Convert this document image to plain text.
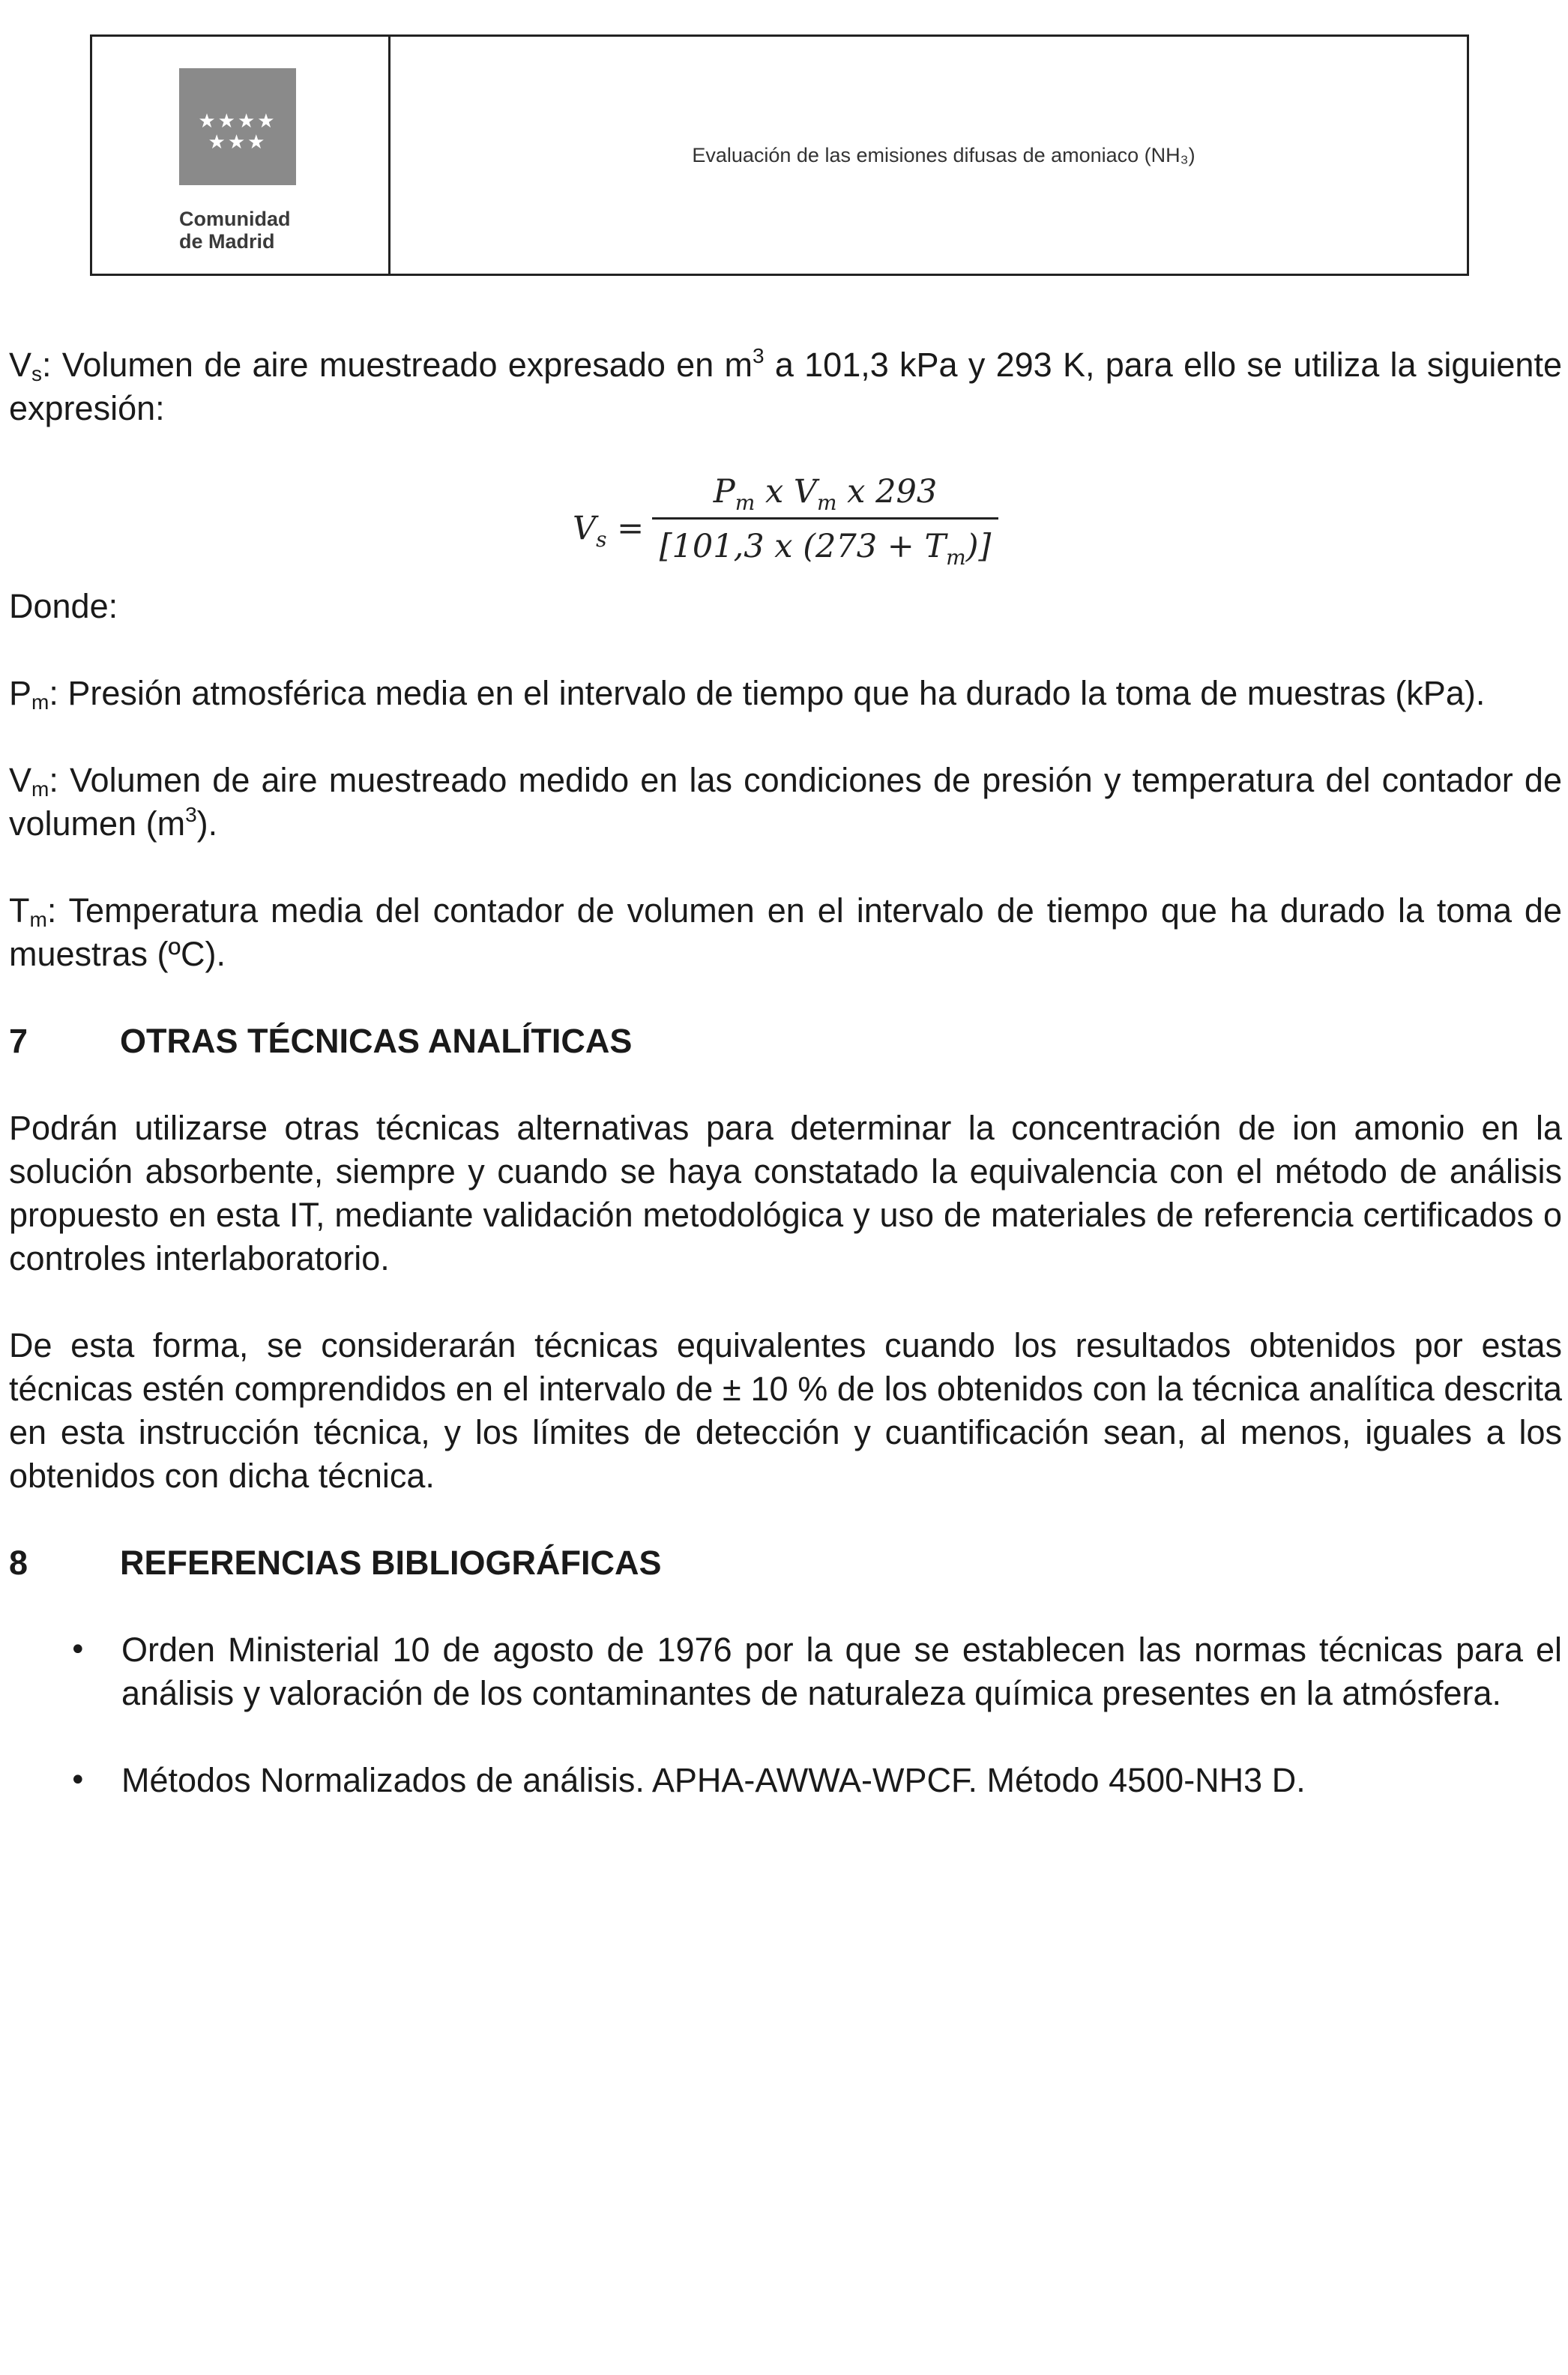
★★★★
★★★
Comunidad
de Madrid
Evaluación de las emisiones difusas de amoniaco (NH₃)

$V_s$: Volumen de aire muestreado expresado en $m^3$ a 101,3 kPa y 293 K, para ello se utiliza la siguiente expresión:

$V_s$ =
$P_m$ x $V_m$ x 293
[101,3 x $(273 + T_m)$]

Donde:

$P_m$: Presión atmosférica media en el intervalo de tiempo que ha durado la toma de muestras (kPa).

$V_m$: Volumen de aire muestreado medido en las condiciones de presión y temperatura del contador de volumen $(m^3)$.

$T_m$: Temperatura media del contador de volumen en el intervalo de tiempo que ha durado la toma de muestras (ºC).

7	OTRAS TÉCNICAS ANALÍTICAS

Podrán utilizarse otras técnicas alternativas para determinar la concentración de ion amonio en la solución absorbente, siempre y cuando se haya constatado la equivalencia con el método de análisis propuesto en esta IT, mediante validación metodológica y uso de materiales de referencia certificados o controles interlaboratorio.

De esta forma, se considerarán técnicas equivalentes cuando los resultados obtenidos por estas técnicas estén comprendidos en el intervalo de ± 10 % de los obtenidos con la técnica analítica descrita en esta instrucción técnica, y los límites de detección y cuantificación sean, al menos, iguales a los obtenidos con dicha técnica.

8	REFERENCIAS BIBLIOGRÁFICAS
• Orden Ministerial 10 de agosto de 1976 por la que se establecen las normas técnicas para el análisis y valoración de los contaminantes de naturaleza química presentes en la atmósfera.
• Métodos Normalizados de análisis. APHA-AWWA-WPCF. Método 4500-NH3 D.
